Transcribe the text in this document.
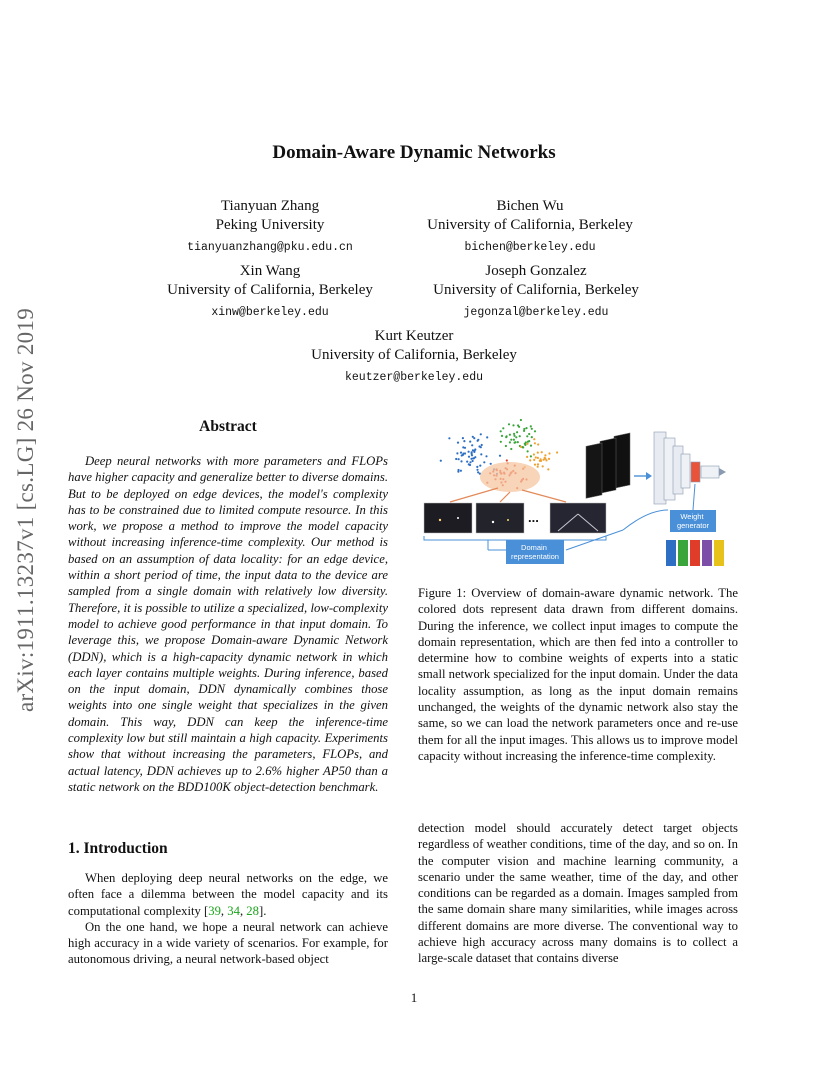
arXiv:1911.13237v1 [cs.LG] 26 Nov 2019
Domain-Aware Dynamic Networks
Tianyuan Zhang
Peking University
tianyuanzhang@pku.edu.cn
Bichen Wu
University of California, Berkeley
bichen@berkeley.edu
Xin Wang
University of California, Berkeley
xinw@berkeley.edu
Joseph Gonzalez
University of California, Berkeley
jegonzal@berkeley.edu
Kurt Keutzer
University of California, Berkeley
keutzer@berkeley.edu
Abstract

Deep neural networks with more parameters and FLOPs have higher capacity and generalize better to diverse domains. But to be deployed on edge devices, the model's complexity has to be constrained due to limited compute resource. In this work, we propose a method to improve the model capacity without increasing inference-time complexity. Our method is based on an assumption of data locality: for an edge device, within a short period of time, the input data to the device are sampled from a single domain with relatively low diversity. Therefore, it is possible to utilize a specialized, low-complexity model to achieve good performance in that input domain. To leverage this, we propose Domain-aware Dynamic Network (DDN), which is a high-capacity dynamic network in which each layer contains multiple weights. During inference, based on the input domain, DDN dynamically combines those weights into one single weight that specializes in the given domain. This way, DDN can keep the inference-time complexity low but still maintain a high capacity. Experiments show that without increasing the parameters, FLOPs, and actual latency, DDN achieves up to 2.6% higher AP50 than a static network on the BDD100K object-detection benchmark.

...
Domain representation
Weight generator

Figure 1: Overview of domain-aware dynamic network. The colored dots represent data drawn from different domains. During the inference, we collect input images to compute the domain representation, which are then fed into a controller to determine how to combine weights of experts into a static small network specialized for the input domain. Under the data locality assumption, as long as the input domain remains unchanged, the weights of the dynamic network also stay the same, so we can load the network parameters once and re-use them for all the input images. This allows us to improve model capacity without increasing the inference-time complexity.

1. Introduction

When deploying deep neural networks on the edge, we often face a dilemma between the model capacity and its computational complexity [39, 34, 28].

On the one hand, we hope a neural network can achieve high accuracy in a wide variety of scenarios. For example, for autonomous driving, a neural network-based object

detection model should accurately detect target objects regardless of weather conditions, time of the day, and so on. In the computer vision and machine learning community, a scenario under the same weather, time of the day, and other conditions can be regarded as a domain. Images sampled from the same domain share many similarities, while images across different domains are more diverse. The conventional way to achieve high accuracy across many domains is to collect a large-scale dataset that contains diverse

1
